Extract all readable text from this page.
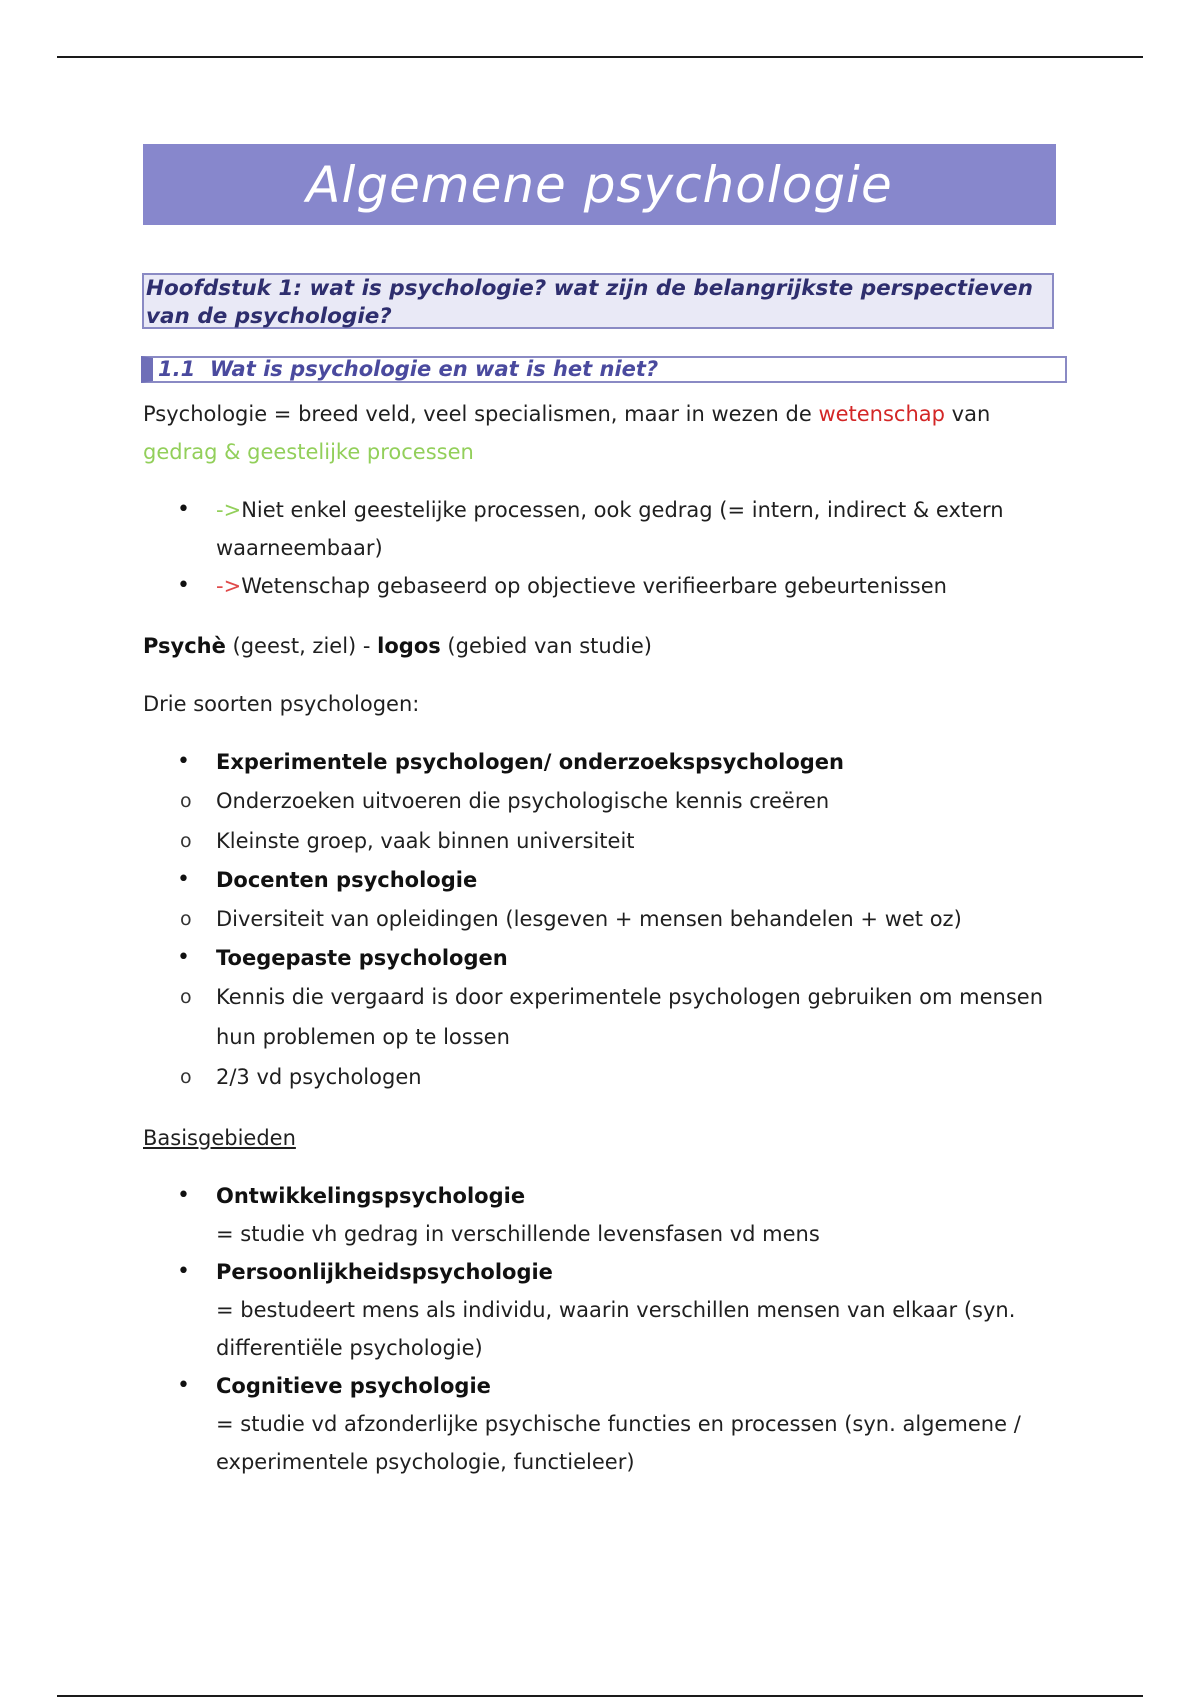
Algemene psychologie
Hoofdstuk 1: wat is psychologie? wat zijn de belangrijkste perspectieven van de psychologie?
1.1  Wat is psychologie en wat is het niet?

Psychologie = breed veld, veel specialismen, maar in wezen de wetenschap van
gedrag & geestelijke processen

• ->Niet enkel geestelijke processen, ook gedrag (= intern, indirect & extern waarneembaar)
• ->Wetenschap gebaseerd op objectieve verifieerbare gebeurtenissen

Psychè (geest, ziel) - logos (gebied van studie)

Drie soorten psychologen:

• Experimentele psychologen/ onderzoekspsychologen
o Onderzoeken uitvoeren die psychologische kennis creëren
o Kleinste groep, vaak binnen universiteit
• Docenten psychologie
o Diversiteit van opleidingen (lesgeven + mensen behandelen + wet oz)
• Toegepaste psychologen
o Kennis die vergaard is door experimentele psychologen gebruiken om mensen hun problemen op te lossen
o 2/3 vd psychologen

Basisgebieden

• Ontwikkelingspsychologie
= studie vh gedrag in verschillende levensfasen vd mens
• Persoonlijkheidspsychologie
= bestudeert mens als individu, waarin verschillen mensen van elkaar (syn. differentiële psychologie)
• Cognitieve psychologie
= studie vd afzonderlijke psychische functies en processen (syn. algemene / experimentele psychologie, functieleer)
